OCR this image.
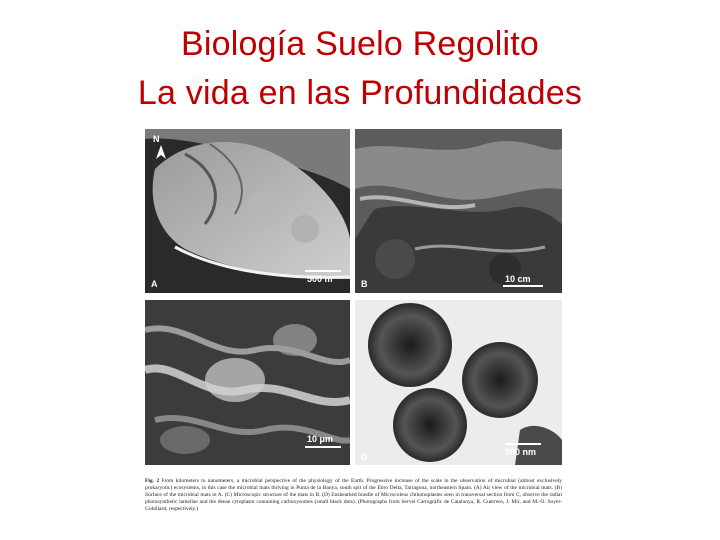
Biología Suelo Regolito
La vida en las Profundidades
N
A	500 m	B	10 cm
10 μm
D	500 nm

Fig. 2 From kilometers to nanometers, a microbial perspective of the physiology of the Earth. Progressive increase of the scale in the observation of microbial (almost exclusively prokaryotic) ecosystems, in this case the microbial mats thriving in Punta de la Banya, south spit of the Ebro Delta, Tarragona, northeastern Spain. (A) Air view of the microbial mats. (B) Surface of the microbial mats in A. (C) Microscopic structure of the mats in B. (D) Ensheathed bundle of Microcoleus chthonoplastes seen in transversal section from C, observe the radial photosynthetic lamellae and the dense cytoplasm containing carboxysomes (small black dots). (Photographs from Servei Cartogràfic de Catalunya, R. Guerrero, J. Mir, and M.-O. Soyer-Gobillard, respectively.)
